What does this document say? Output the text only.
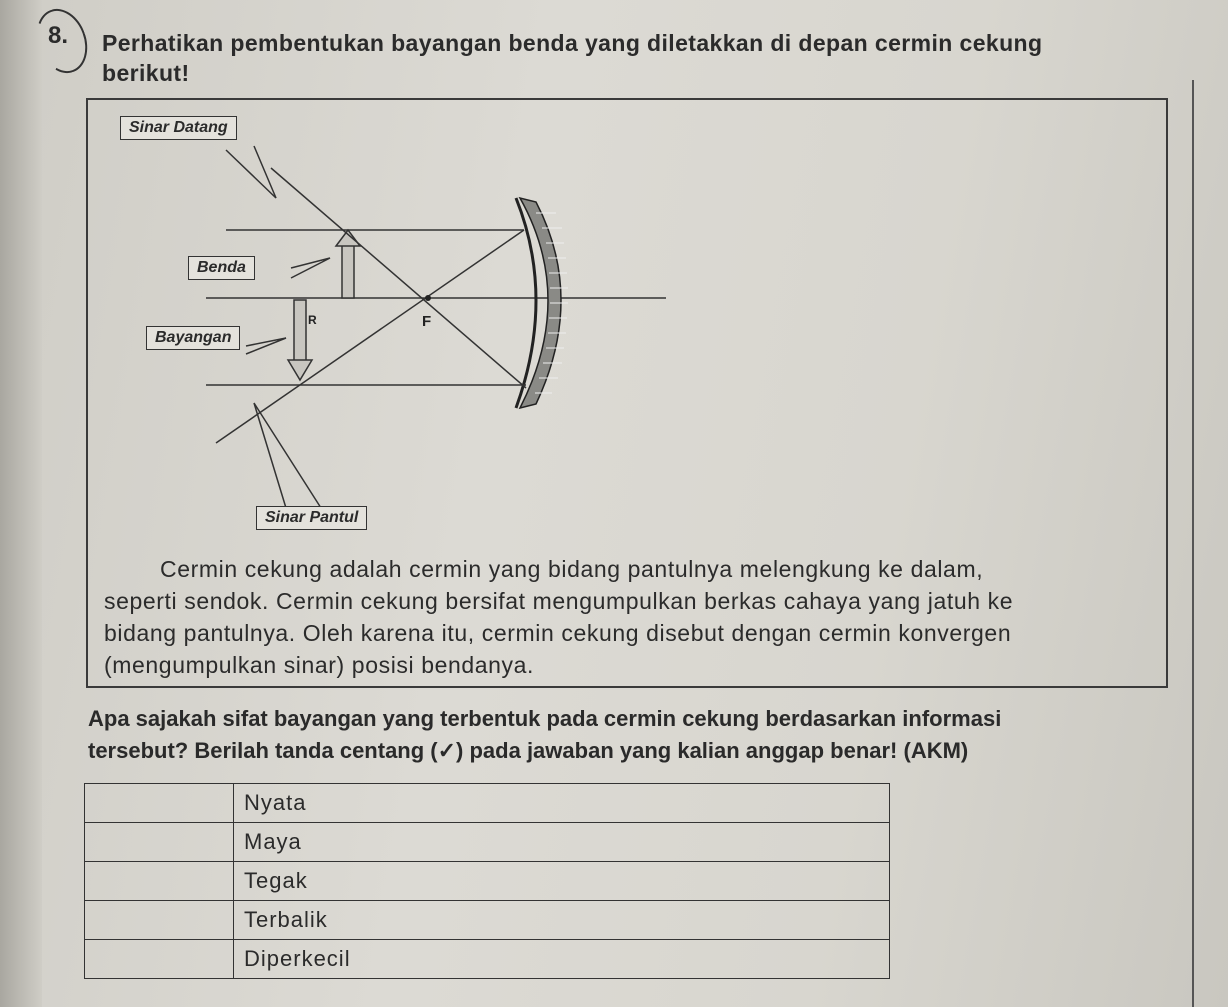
8. Perhatikan pembentukan bayangan benda yang diletakkan di depan cermin cekung
berikut!
F
R
Sinar Datang
Benda
Bayangan
Sinar Pantul
Cermin cekung adalah cermin yang bidang pantulnya melengkung ke dalam,
seperti sendok. Cermin cekung bersifat mengumpulkan berkas cahaya yang jatuh ke
bidang pantulnya. Oleh karena itu, cermin cekung disebut dengan cermin konvergen
(mengumpulkan sinar) posisi bendanya.
Apa sajakah sifat bayangan yang terbentuk pada cermin cekung berdasarkan informasi
tersebut? Berilah tanda centang (✓) pada jawaban yang kalian anggap benar! (AKM)
	Nyata
	Maya
	Tegak
	Terbalik
	Diperkecil
